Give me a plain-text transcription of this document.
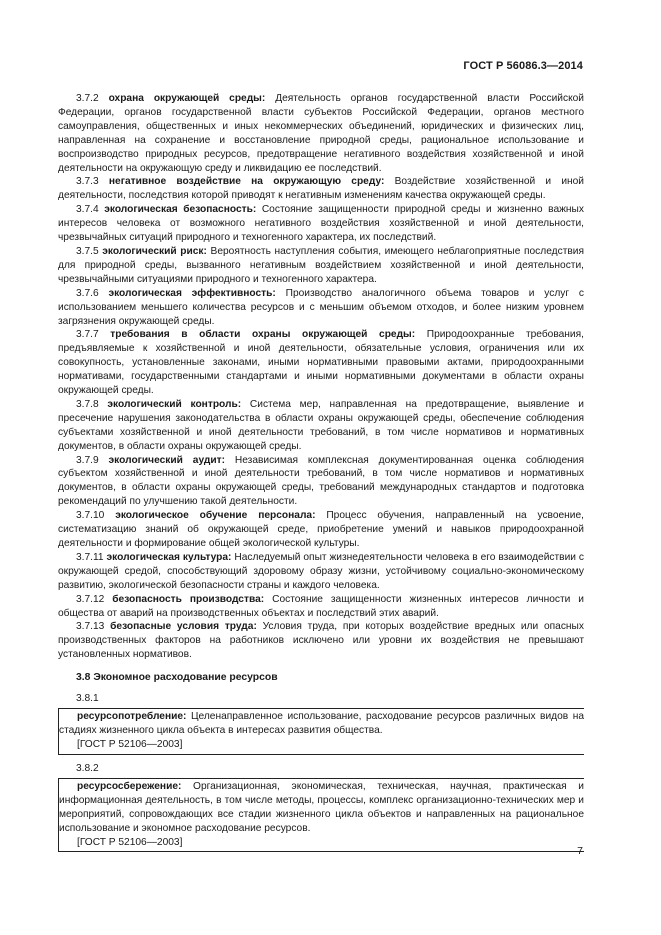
ГОСТ Р 56086.3—2014

3.7.2 охрана окружающей среды: Деятельность органов государственной власти Российской Федерации, органов государственной власти субъектов Российской Федерации, органов местного самоуправления, общественных и иных некоммерческих объединений, юридических и физических лиц, направленная на сохранение и восстановление природной среды, рациональное использование и воспроизводство природных ресурсов, предотвращение негативного воздействия хозяйственной и иной деятельности на окружающую среду и ликвидацию ее последствий.

3.7.3 негативное воздействие на окружающую среду: Воздействие хозяйственной и иной деятельности, последствия которой приводят к негативным изменениям качества окружающей среды.

3.7.4 экологическая безопасность: Состояние защищенности природной среды и жизненно важных интересов человека от возможного негативного воздействия хозяйственной и иной деятельности, чрезвычайных ситуаций природного и техногенного характера, их последствий.

3.7.5 экологический риск: Вероятность наступления события, имеющего неблагоприятные последствия для природной среды, вызванного негативным воздействием хозяйственной и иной деятельности, чрезвычайными ситуациями природного и техногенного характера.

3.7.6 экологическая эффективность: Производство аналогичного объема товаров и услуг с использованием меньшего количества ресурсов и с меньшим объемом отходов, и более низким уровнем загрязнения окружающей среды.

3.7.7 требования в области охраны окружающей среды: Природоохранные требования, предъявляемые к хозяйственной и иной деятельности, обязательные условия, ограничения или их совокупность, установленные законами, иными нормативными правовыми актами, природоохранными нормативами, государственными стандартами и иными нормативными документами в области охраны окружающей среды.

3.7.8 экологический контроль: Система мер, направленная на предотвращение, выявление и пресечение нарушения законодательства в области охраны окружающей среды, обеспечение соблюдения субъектами хозяйственной и иной деятельности требований, в том числе нормативов и нормативных документов, в области охраны окружающей среды.

3.7.9 экологический аудит: Независимая комплексная документированная оценка соблюдения субъектом хозяйственной и иной деятельности требований, в том числе нормативов и нормативных документов, в области охраны окружающей среды, требований международных стандартов и подготовка рекомендаций по улучшению такой деятельности.

3.7.10 экологическое обучение персонала: Процесс обучения, направленный на усвоение, систематизацию знаний об окружающей среде, приобретение умений и навыков природоохранной деятельности и формирование общей экологической культуры.

3.7.11 экологическая культура: Наследуемый опыт жизнедеятельности человека в его взаимодействии с окружающей средой, способствующий здоровому образу жизни, устойчивому социально-экономическому развитию, экологической безопасности страны и каждого человека.

3.7.12 безопасность производства: Состояние защищенности жизненных интересов личности и общества от аварий на производственных объектах и последствий этих аварий.

3.7.13 безопасные условия труда: Условия труда, при которых воздействие вредных или опасных производственных факторов на работников исключено или уровни их воздействия не превышают установленных нормативов.

3.8 Экономное расходование ресурсов
3.8.1

ресурсопотребление: Целенаправленное использование, расходование ресурсов различных видов на стадиях жизненного цикла объекта в интересах развития общества.

[ГОСТ Р 52106—2003]

3.8.2

ресурсосбережение: Организационная, экономическая, техническая, научная, практическая и информационная деятельность, в том числе методы, процессы, комплекс организационно-технических мер и мероприятий, сопровождающих все стадии жизненного цикла объектов и направленных на рациональное использование и экономное расходование ресурсов.

[ГОСТ Р 52106—2003]

7
